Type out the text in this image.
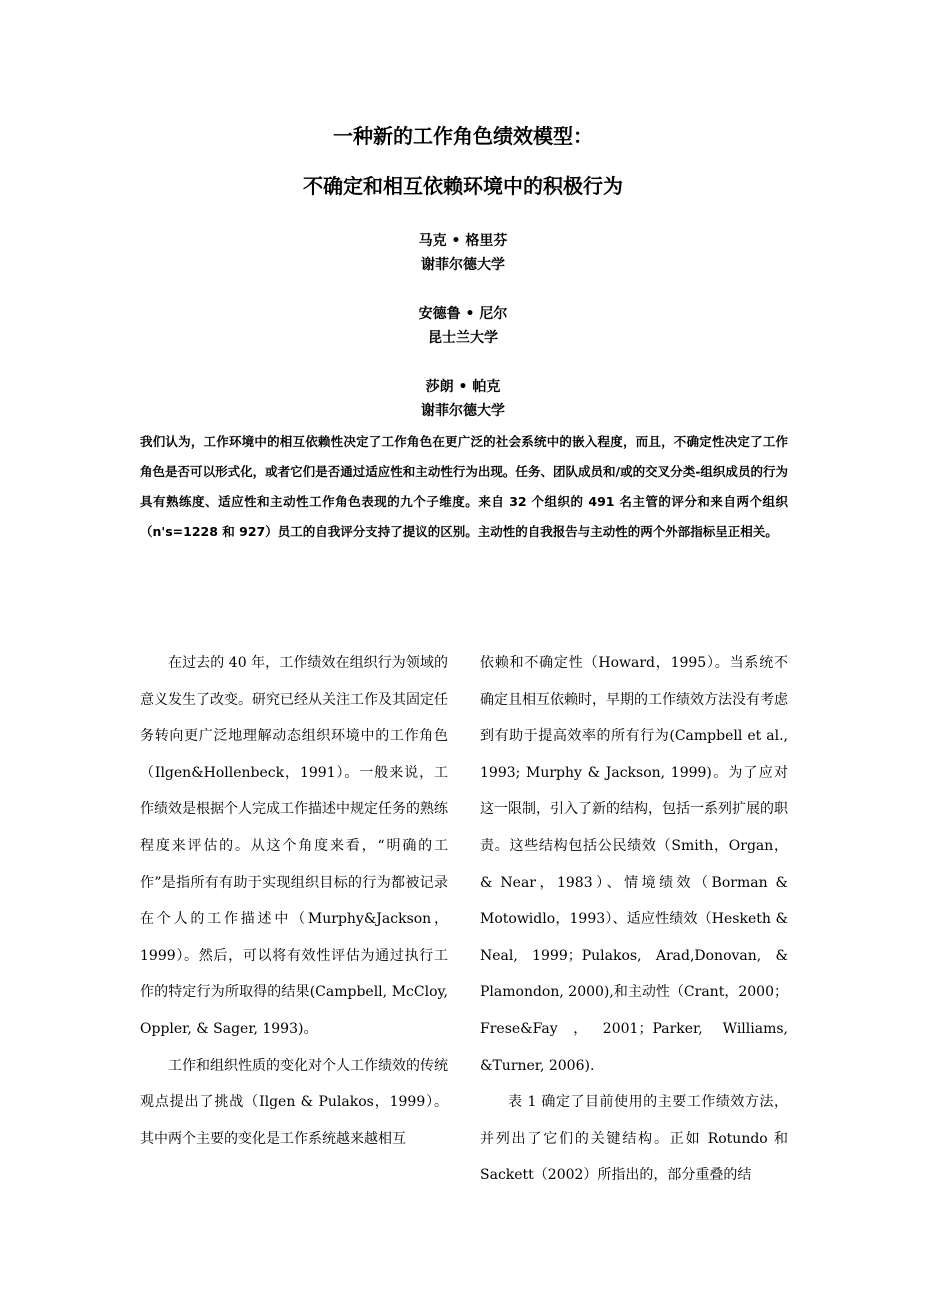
一种新的工作角色绩效模型：
不确定和相互依赖环境中的积极行为
马克 • 格里芬
谢菲尔德大学
安德鲁 • 尼尔
昆士兰大学
莎朗 • 帕克
谢菲尔德大学

我们认为，工作环境中的相互依赖性决定了工作角色在更广泛的社会系统中的嵌入程度，而且，不确定性决定了工作角色是否可以形式化，或者它们是否通过适应性和主动性行为出现。任务、团队成员和/或的交叉分类-组织成员的行为具有熟练度、适应性和主动性工作角色表现的九个子维度。来自 32 个组织的 491 名主管的评分和来自两个组织（n's=1228 和 927）员工的自我评分支持了提议的区别。主动性的自我报告与主动性的两个外部指标呈正相关。

在过去的 40 年，工作绩效在组织行为领域的意义发生了改变。研究已经从关注工作及其固定任务转向更广泛地理解动态组织环境中的工作角色（Ilgen&Hollenbeck，1991）。一般来说，工作绩效是根据个人完成工作描述中规定任务的熟练程度来评估的。从这个角度来看，“明确的工作”是指所有有助于实现组织目标的行为都被记录在个人的工作描述中（Murphy&Jackson，1999）。然后，可以将有效性评估为通过执行工作的特定行为所取得的结果(Campbell, McCloy, Oppler, & Sager, 1993)。

工作和组织性质的变化对个人工作绩效的传统观点提出了挑战（Ilgen & Pulakos，1999）。其中两个主要的变化是工作系统越来越相互

依赖和不确定性（Howard，1995）。当系统不确定且相互依赖时，早期的工作绩效方法没有考虑到有助于提高效率的所有行为(Campbell et al., 1993; Murphy & Jackson, 1999)。为了应对这一限制，引入了新的结构，包括一系列扩展的职责。这些结构包括公民绩效（Smith，Organ，& Near，1983）、情境绩效（Borman & Motowidlo，1993）、适应性绩效（Hesketh & Neal, 1999；Pulakos, Arad,Donovan, & Plamondon, 2000),和主动性（Crant，2000；Frese&Fay，2001；Parker, Williams, &Turner, 2006).

表 1 确定了目前使用的主要工作绩效方法，并列出了它们的关键结构。正如 Rotundo 和 Sackett（2002）所指出的，部分重叠的结
